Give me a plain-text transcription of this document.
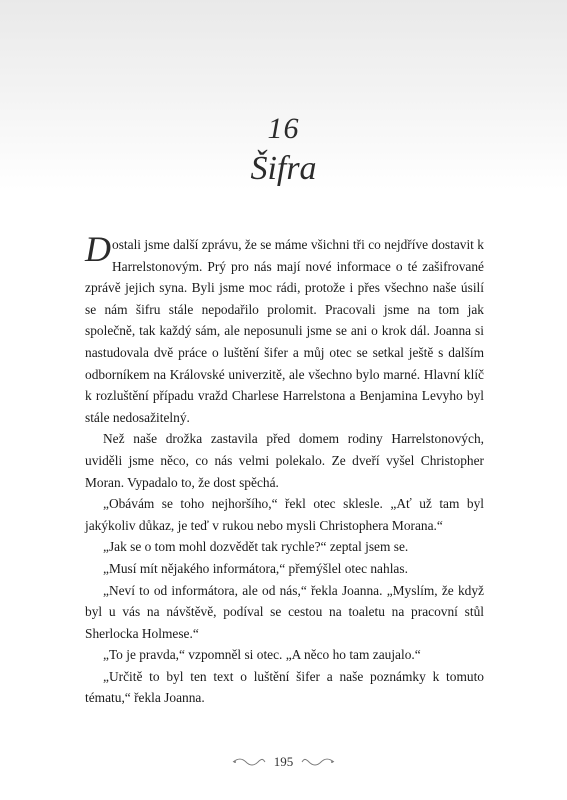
16
Šifra

Dostali jsme další zprávu, že se máme všichni tři co nejdříve dostavit k Harrelstonovým. Prý pro nás mají nové informace o té zašifrované zprávě jejich syna. Byli jsme moc rádi, protože i přes všechno naše úsilí se nám šifru stále nepodařilo prolomit. Pracovali jsme na tom jak společně, tak každý sám, ale neposunuli jsme se ani o krok dál. Joanna si nastudovala dvě práce o luštění šifer a můj otec se setkal ještě s dalším odborníkem na Královské univerzitě, ale všechno bylo marné. Hlavní klíč k rozluštění případu vražd Charlese Harrelstona a Benjamina Levyho byl stále nedosažitelný.

Než naše drožka zastavila před domem rodiny Harrelstonových, uviděli jsme něco, co nás velmi polekalo. Ze dveří vyšel Christopher Moran. Vypadalo to, že dost spěchá.

„Obávám se toho nejhoršího,“ řekl otec sklesle. „Ať už tam byl jakýkoliv důkaz, je teď v rukou nebo mysli Christophera Morana.“

„Jak se o tom mohl dozvědět tak rychle?“ zeptal jsem se.

„Musí mít nějakého informátora,“ přemýšlel otec nahlas.

„Neví to od informátora, ale od nás,“ řekla Joanna. „Myslím, že když byl u vás na návštěvě, podíval se cestou na toaletu na pracovní stůl Sherlocka Holmese.“

„To je pravda,“ vzpomněl si otec. „A něco ho tam zaujalo.“

„Určitě to byl ten text o luštění šifer a naše poznámky k tomuto tématu,“ řekla Joanna.

195
